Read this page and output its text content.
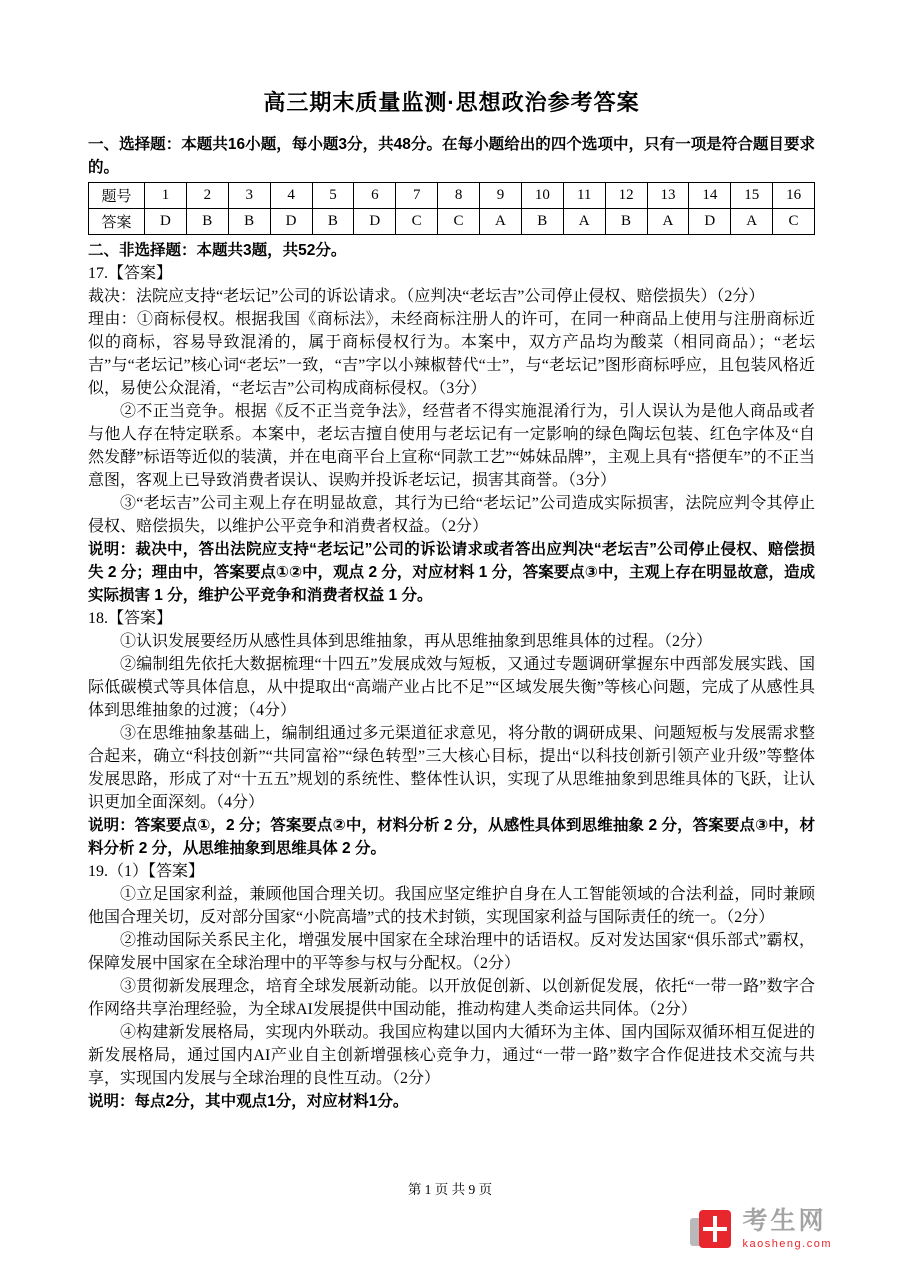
高三期末质量监测·思想政治参考答案

一、选择题：本题共16小题，每小题3分，共48分。在每小题给出的四个选项中，只有一项是符合题目要求的。

题号	1	2	3	4	5	6	7	8	9	10	11	12	13	14	15	16
答案	D	B	B	D	B	D	C	C	A	B	A	B	A	D	A	C

二、非选择题：本题共3题，共52分。

17.【答案】

裁决：法院应支持“老坛记”公司的诉讼请求。（应判决“老坛吉”公司停止侵权、赔偿损失）（2分）

理由：①商标侵权。根据我国《商标法》，未经商标注册人的许可，在同一种商品上使用与注册商标近似的商标，容易导致混淆的，属于商标侵权行为。本案中，双方产品均为酸菜（相同商品）；“老坛吉”与“老坛记”核心词“老坛”一致，“吉”字以小辣椒替代“士”，与“老坛记”图形商标呼应，且包装风格近似，易使公众混淆，“老坛吉”公司构成商标侵权。（3分）

②不正当竞争。根据《反不正当竞争法》，经营者不得实施混淆行为，引人误认为是他人商品或者与他人存在特定联系。本案中，老坛吉擅自使用与老坛记有一定影响的绿色陶坛包装、红色字体及“自然发酵”标语等近似的装潢，并在电商平台上宣称“同款工艺”“姊妹品牌”，主观上具有“搭便车”的不正当意图，客观上已导致消费者误认、误购并投诉老坛记，损害其商誉。（3分）

③“老坛吉”公司主观上存在明显故意，其行为已给“老坛记”公司造成实际损害，法院应判令其停止侵权、赔偿损失，以维护公平竞争和消费者权益。（2分）

说明：裁决中，答出法院应支持“老坛记”公司的诉讼请求或者答出应判决“老坛吉”公司停止侵权、赔偿损失 2 分；理由中，答案要点①②中，观点 2 分，对应材料 1 分，答案要点③中，主观上存在明显故意，造成实际损害 1 分，维护公平竞争和消费者权益 1 分。

18.【答案】

①认识发展要经历从感性具体到思维抽象，再从思维抽象到思维具体的过程。（2分）

②编制组先依托大数据梳理“十四五”发展成效与短板，又通过专题调研掌握东中西部发展实践、国际低碳模式等具体信息，从中提取出“高端产业占比不足”“区域发展失衡”等核心问题，完成了从感性具体到思维抽象的过渡；（4分）

③在思维抽象基础上，编制组通过多元渠道征求意见，将分散的调研成果、问题短板与发展需求整合起来，确立“科技创新”“共同富裕”“绿色转型”三大核心目标，提出“以科技创新引领产业升级”等整体发展思路，形成了对“十五五”规划的系统性、整体性认识，实现了从思维抽象到思维具体的飞跃，让认识更加全面深刻。（4分）

说明：答案要点①，2 分；答案要点②中，材料分析 2 分，从感性具体到思维抽象 2 分，答案要点③中，材料分析 2 分，从思维抽象到思维具体 2 分。

19.（1）【答案】

①立足国家利益，兼顾他国合理关切。我国应坚定维护自身在人工智能领域的合法利益，同时兼顾他国合理关切，反对部分国家“小院高墙”式的技术封锁，实现国家利益与国际责任的统一。（2分）

②推动国际关系民主化，增强发展中国家在全球治理中的话语权。反对发达国家“俱乐部式”霸权，保障发展中国家在全球治理中的平等参与权与分配权。（2分）

③贯彻新发展理念，培育全球发展新动能。以开放促创新、以创新促发展，依托“一带一路”数字合作网络共享治理经验，为全球AI发展提供中国动能，推动构建人类命运共同体。（2分）

④构建新发展格局，实现内外联动。我国应构建以国内大循环为主体、国内国际双循环相互促进的新发展格局，通过国内AI产业自主创新增强核心竞争力，通过“一带一路”数字合作促进技术交流与共享，实现国内发展与全球治理的良性互动。（2分）

说明：每点2分，其中观点1分，对应材料1分。

第 1 页 共 9 页
考生网
kaosheng.com
